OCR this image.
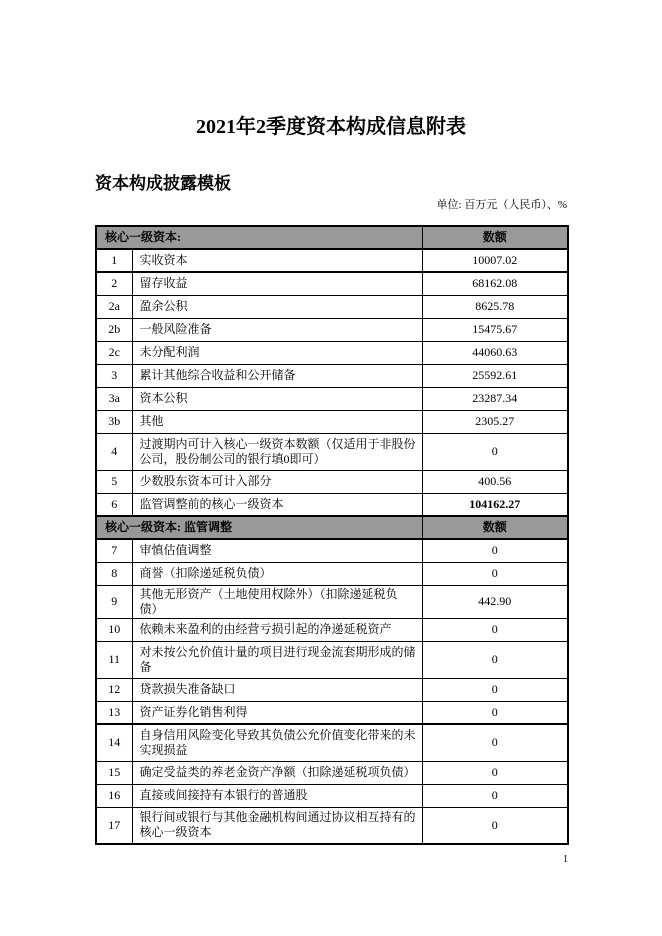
2021年2季度资本构成信息附表
资本构成披露模板
单位: 百万元（人民币）、%
核心一级资本:		数额
1	实收资本	10007.02
2	留存收益	68162.08
2a	盈余公积	8625.78
2b	一般风险准备	15475.67
2c	未分配利润	44060.63
3	累计其他综合收益和公开储备	25592.61
3a	资本公积	23287.34
3b	其他	2305.27
4	过渡期内可计入核心一级资本数额（仅适用于非股份公司，股份制公司的银行填0即可）	0
5	少数股东资本可计入部分	400.56
6	监管调整前的核心一级资本	104162.27
核心一级资本: 监管调整		数额
7	审慎估值调整	0
8	商誉（扣除递延税负债）	0
9	其他无形资产（土地使用权除外）（扣除递延税负债）	442.90
10	依赖未来盈利的由经营亏损引起的净递延税资产	0
11	对未按公允价值计量的项目进行现金流套期形成的储备	0
12	贷款损失准备缺口	0
13	资产证券化销售利得	0
14	自身信用风险变化导致其负债公允价值变化带来的未实现损益	0
15	确定受益类的养老金资产净额（扣除递延税项负债）	0
16	直接或间接持有本银行的普通股	0
17	银行间或银行与其他金融机构间通过协议相互持有的核心一级资本	0
1
